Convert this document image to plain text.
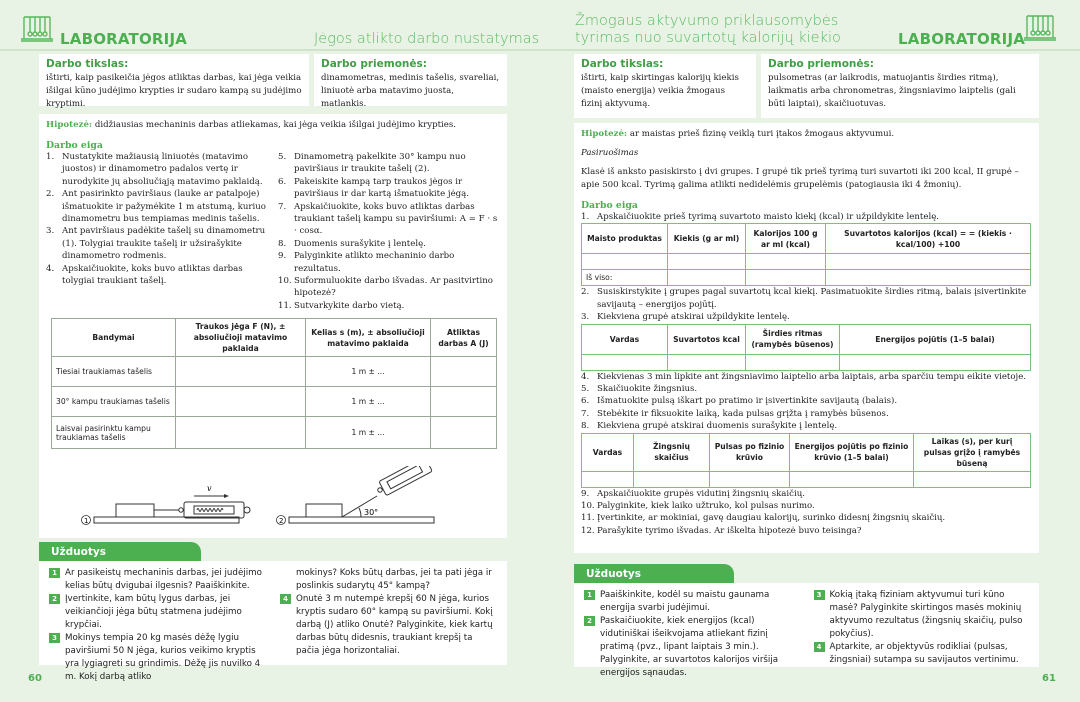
LABORATORIJA	Jėgos atlikto darbo nustatymas
Darbo tikslas:
ištirti, kaip pasikeičia jėgos atliktas darbas, kai jėga veikia išilgai kūno judėjimo krypties ir sudaro kampą su judėjimo kryptimi.
Darbo priemonės:
dinamometras, medinis tašelis, svareliai, liniuotė arba matavimo juosta, matlankis.
Hipotezė: didžiausias mechaninis darbas atliekamas, kai jėga veikia išilgai judėjimo krypties.
Darbo eiga
1. Nustatykite mažiausią liniuotės (matavimo juostos) ir dinamometro padalos vertę ir nurodykite jų absoliučiąją matavimo paklaidą.
2. Ant pasirinkto paviršiaus (lauke ar patalpoje) išmatuokite ir pažymėkite 1 m atstumą, kuriuo dinamometru bus tempiamas medinis tašelis.
3. Ant paviršiaus padėkite tašelį su dinamometru (1). Tolygiai traukite tašelį ir užsirašykite dinamometro rodmenis.
4. Apskaičiuokite, koks buvo atliktas darbas tolygiai traukiant tašelį.
5. Dinamometrą pakelkite 30° kampu nuo paviršiaus ir traukite tašelį (2).
6. Pakeiskite kampą tarp traukos jėgos ir paviršiaus ir dar kartą išmatuokite jėgą.
7. Apskaičiuokite, koks buvo atliktas darbas traukiant tašelį kampu su paviršiumi: A = F · s · cosα.
8. Duomenis surašykite į lentelę.
9. Palyginkite atlikto mechaninio darbo rezultatus.
10. Suformuluokite darbo išvadas. Ar pasitvirtino hipotezė?
11. Sutvarkykite darbo vietą.
Bandymai	Traukos jėga F (N), ± absoliučioji matavimo paklaida	Kelias s (m), ± absoliučioji matavimo paklaida	Atliktas darbas A (J)
Tiesiai traukiamas tašelis		1 m ± ...	
30° kampu traukiamas tašelis		1 m ± ...	
Laisvai pasirinktu kampu traukiamas tašelis		1 m ± ...	
v
30°
1	2
Užduotys
1 Ar pasikeistų mechaninis darbas, jei judėjimo kelias būtų dvigubai ilgesnis? Paaiškinkite.
2 Įvertinkite, kam būtų lygus darbas, jei veikiančioji jėga būtų statmena judėjimo krypčiai.
3 Mokinys tempia 20 kg masės dėžę lygiu paviršiumi 50 N jėga, kurios veikimo kryptis yra lygiagreti su grindimis. Dėžę jis nuvilko 4 m. Kokį darbą atliko
mokinys? Koks būtų darbas, jei ta pati jėga ir poslinkis sudarytų 45° kampą?
4 Onutė 3 m nutempė krepšį 60 N jėga, kurios kryptis sudaro 60° kampą su paviršiumi. Kokį darbą (J) atliko Onutė? Palyginkite, kiek kartų darbas būtų didesnis, traukiant krepšį ta pačia jėga horizontaliai.
60
Žmogaus aktyvumo priklausomybės
tyrimas nuo suvartotų kalorijų kiekio	LABORATORIJA
Darbo tikslas:
ištirti, kaip skirtingas kalorijų kiekis (maisto energija) veikia žmogaus fizinį aktyvumą.
Darbo priemonės:
pulsometras (ar laikrodis, matuojantis širdies ritmą), laikmatis arba chronometras, žingsniavimo laiptelis (gali būti laiptai), skaičiuotuvas.
Hipotezė: ar maistas prieš fizinę veiklą turi įtakos žmogaus aktyvumui.
Pasiruošimas
Klasė iš anksto pasiskirsto į dvi grupes. I grupė tik prieš tyrimą turi suvartoti iki 200 kcal, II grupė – apie 500 kcal. Tyrimą galima atlikti nedidelėmis grupelėmis (patogiausia iki 4 žmonių).
Darbo eiga
1. Apskaičiuokite prieš tyrimą suvartoto maisto kiekį (kcal) ir užpildykite lentelę.
Maisto produktas	Kiekis (g ar ml)	Kalorijos 100 g ar ml (kcal)	Suvartotos kalorijos (kcal) = = (kiekis · kcal/100) +100

Iš viso:			
2. Susiskirstykite į grupes pagal suvartotų kcal kiekį. Pasimatuokite širdies ritmą, balais įsivertinkite savijautą – energijos pojūtį.
3. Kiekviena grupė atskirai užpildykite lentelę.
Vardas	Suvartotos kcal	Širdies ritmas (ramybės būsenos)	Energijos pojūtis (1–5 balai)

4. Kiekvienas 3 min lipkite ant žingsniavimo laiptelio arba laiptais, arba sparčiu tempu eikite vietoje.
5. Skaičiuokite žingsnius.
6. Išmatuokite pulsą iškart po pratimo ir įsivertinkite savijautą (balais).
7. Stebėkite ir fiksuokite laiką, kada pulsas grįžta į ramybės būsenos.
8. Kiekviena grupė atskirai duomenis surašykite į lentelę.
Vardas	Žingsnių skaičius	Pulsas po fizinio krūvio	Energijos pojūtis po fizinio krūvio (1–5 balai)	Laikas (s), per kurį pulsas grįžo į ramybės būseną

9. Apskaičiuokite grupės vidutinį žingsnių skaičių.
10. Palyginkite, kiek laiko užtruko, kol pulsas nurimo.
11. Įvertinkite, ar mokiniai, gavę daugiau kalorijų, surinko didesnį žingsnių skaičių.
12. Parašykite tyrimo išvadas. Ar iškelta hipotezė buvo teisinga?
Užduotys
1 Paaiškinkite, kodėl su maistu gaunama energija svarbi judėjimui.
2 Paskaičiuokite, kiek energijos (kcal) vidutiniškai išeikvojama atliekant fizinį pratimą (pvz., lipant laiptais 3 min.). Palyginkite, ar suvartotos kalorijos viršija energijos sąnaudas.
3 Kokią įtaką fiziniam aktyvumui turi kūno masė? Palyginkite skirtingos masės mokinių aktyvumo rezultatus (žingsnių skaičių, pulso pokyčius).
4 Aptarkite, ar objektyvūs rodikliai (pulsas, žingsniai) sutampa su savijautos vertinimu.
61
